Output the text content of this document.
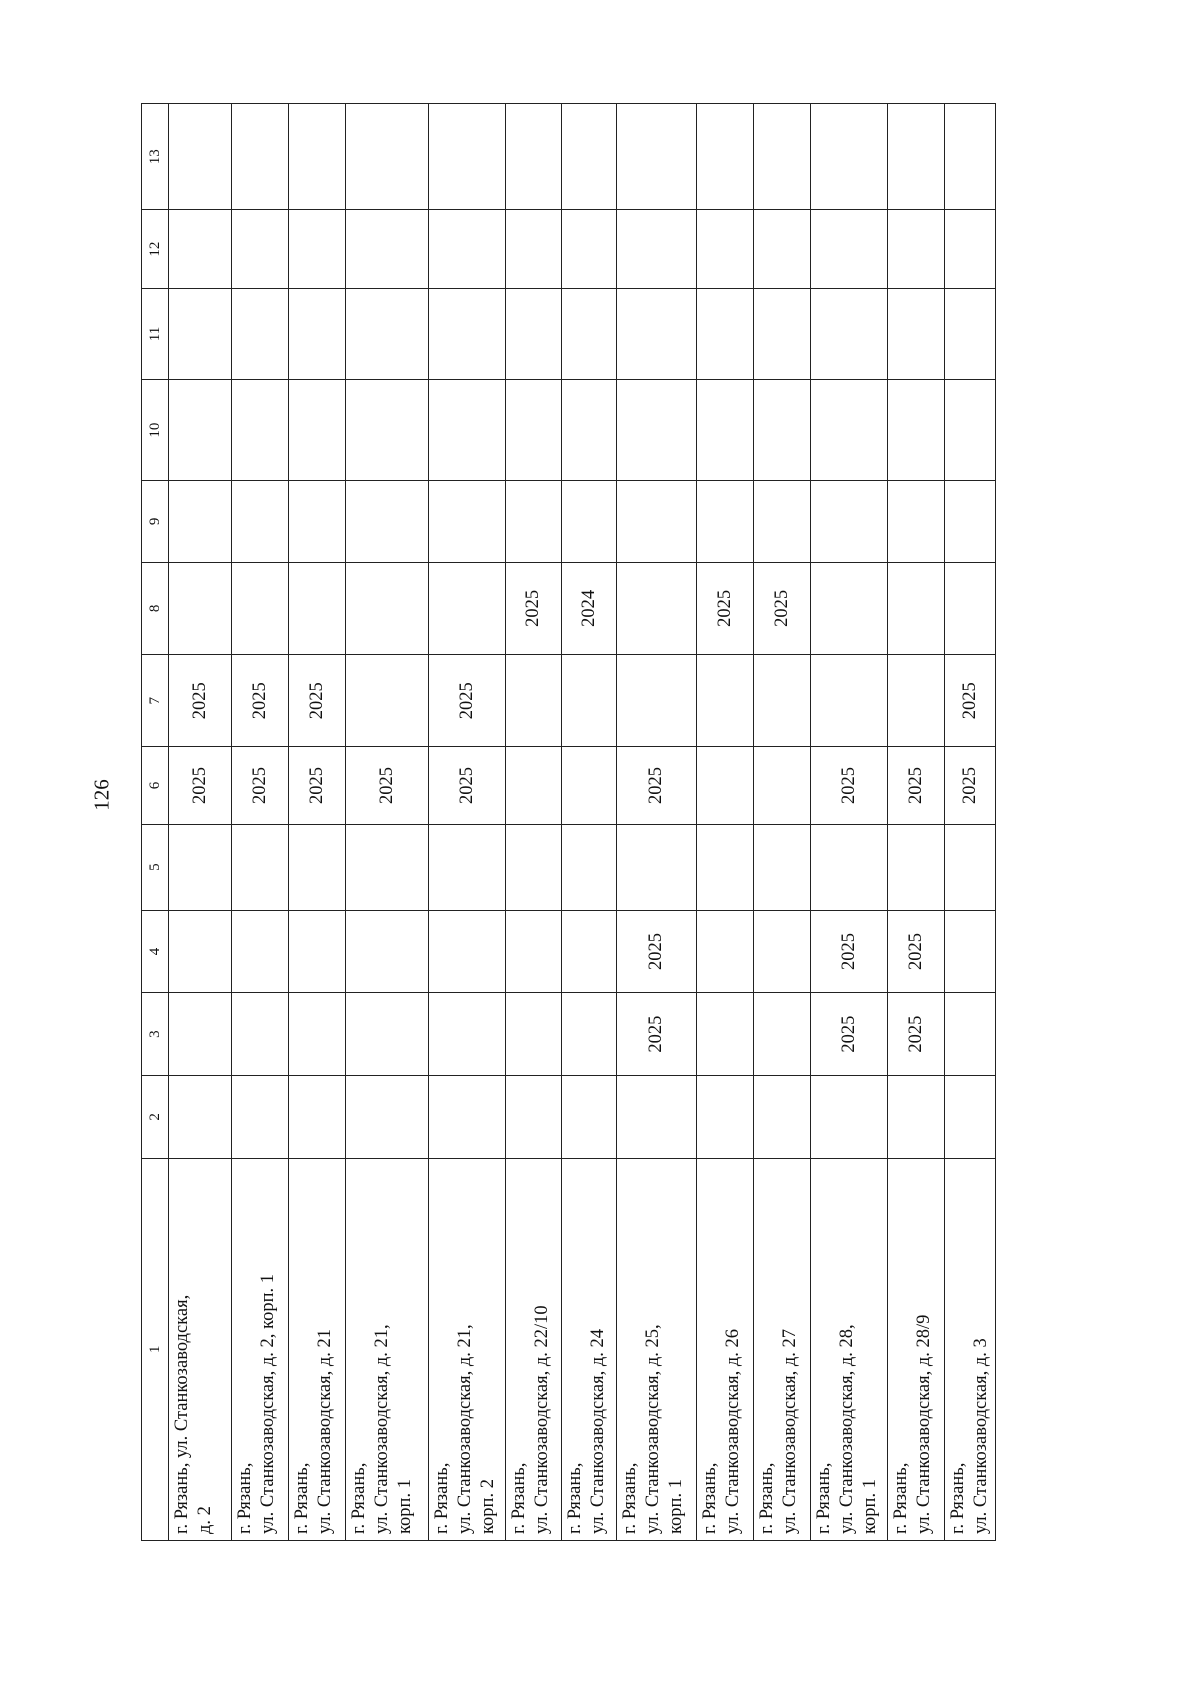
126
1	2	3	4	5	6	7	8	9	10	11	12	13

г. Рязань, ул. Станкозаводская, д. 2					2025	2025						

г. Рязань, ул. Станкозаводская, д. 2, корп. 1					2025	2025						

г. Рязань, ул. Станкозаводская, д. 21					2025	2025						

г. Рязань, ул. Станкозаводская, д. 21, корп. 1					2025							

г. Рязань, ул. Станкозаводская, д. 21, корп. 2					2025	2025						

г. Рязань, ул. Станкозаводская, д. 22/10							2025					

г. Рязань, ул. Станкозаводская, д. 24							2024					

г. Рязань, ул. Станкозаводская, д. 25, корп. 1		2025	2025		2025							

г. Рязань, ул. Станкозаводская, д. 26							2025					

г. Рязань, ул. Станкозаводская, д. 27							2025					

г. Рязань, ул. Станкозаводская, д. 28, корп. 1		2025	2025		2025							

г. Рязань, ул. Станкозаводская, д. 28/9		2025	2025		2025							

г. Рязань, ул. Станкозаводская, д. 3					2025	2025						
